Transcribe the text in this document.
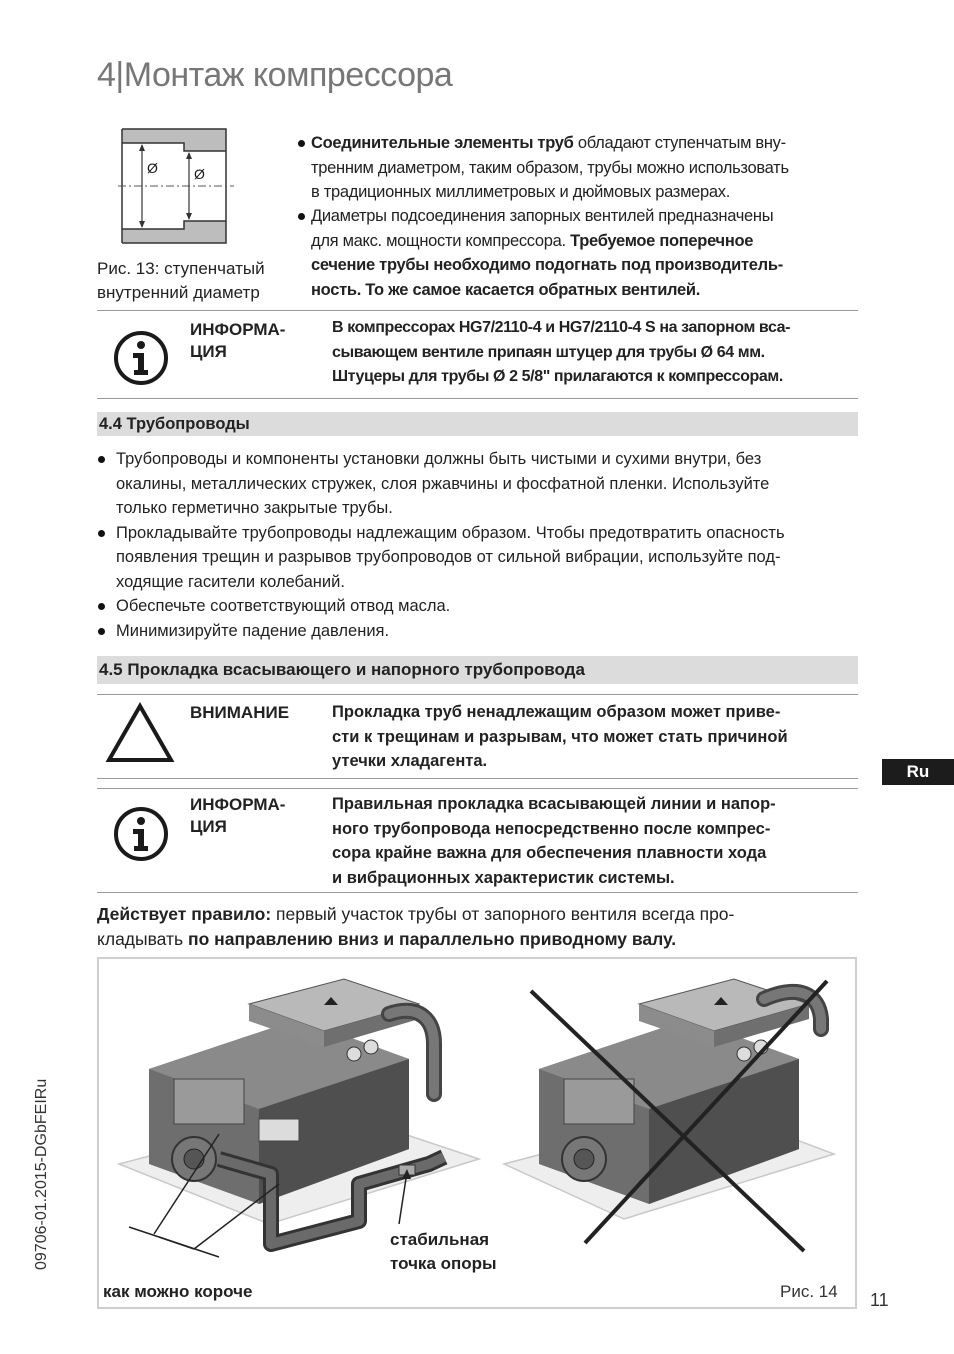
4|Монтаж компрессора
Ø	Ø
Рис. 13: ступенчатый
внутренний диаметр
Соединительные элементы труб обладают ступенчатым вну-
тренним диаметром, таким образом, трубы можно использовать
в традиционных миллиметровых и дюймовых размерах.
Диаметры подсоединения запорных вентилей предназначены
для макс. мощности компрессора. Требуемое поперечное
сечение трубы необходимо подогнать под производитель-
ность. То же самое касается обратных вентилей.
ИНФОРМА-
ЦИЯ
В компрессорах HG7/2110-4 и HG7/2110-4 S на запорном вса-
сывающем вентиле припаян штуцер для трубы Ø 64 мм.
Штуцеры для трубы Ø 2 5/8" прилагаются к компрессорам.
4.4 Трубопроводы
Трубопроводы и компоненты установки должны быть чистыми и сухими внутри, без
окалины, металлических стружек, слоя ржавчины и фосфатной пленки. Используйте
только герметично закрытые трубы.
Прокладывайте трубопроводы надлежащим образом. Чтобы предотвратить опасность
появления трещин и разрывов трубопроводов от сильной вибрации, используйте под-
ходящие гасители колебаний.
Обеспечьте соответствующий отвод масла.
Минимизируйте падение давления.
4.5 Прокладка всасывающего и напорного трубопровода
ВНИМАНИЕ	Прокладка труб ненадлежащим образом может приве-
сти к трещинам и разрывам, что может стать причиной
утечки хладагента.
ИНФОРМА-
ЦИЯ
Правильная прокладка всасывающей линии и напор-
ного трубопровода непосредственно после компрес-
сора крайне важна для обеспечения плавности хода
и вибрационных характеристик системы.
Действует правило: первый участок трубы от запорного вентиля всегда про-
кладывать по направлению вниз и параллельно приводному валу.
стабильная
точка опоры
как можно короче	Рис. 14
Ru
09706-01.2015-DGbFEIRu
11
